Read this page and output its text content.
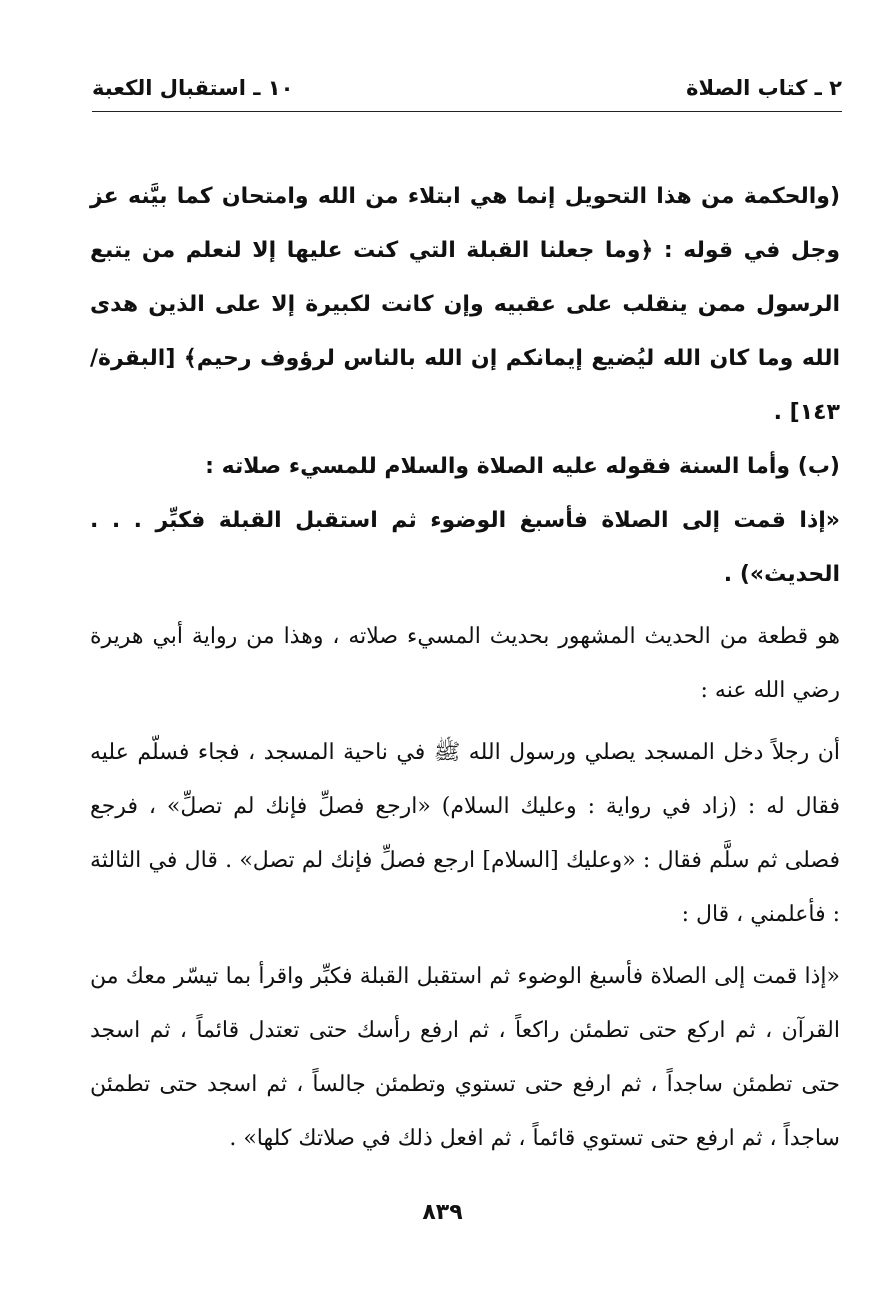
٢ ـ كتاب الصلاة
١٠ ـ استقبال الكعبة

(والحكمة من هذا التحويل إنما هي ابتلاء من الله وامتحان كما بيَّنه عز وجل في قوله : ﴿وما جعلنا القبلة التي كنت عليها إلا لنعلم من يتبع الرسول ممن ينقلب على عقبيه وإن كانت لكبيرة إلا على الذين هدى الله وما كان الله ليُضيع إيمانكم إن الله بالناس لرؤوف رحيم﴾ [البقرة/١٤٣] .

(ب) وأما السنة فقوله عليه الصلاة والسلام للمسيء صلاته :

«إذا قمت إلى الصلاة فأسبغ الوضوء ثم استقبل القبلة فكبِّر . . . الحديث») .

هو قطعة من الحديث المشهور بحديث المسيء صلاته ، وهذا من رواية أبي هريرة رضي الله عنه :

أن رجلاً دخل المسجد يصلي ورسول الله ﷺ في ناحية المسجد ، فجاء فسلّم عليه فقال له : (زاد في رواية : وعليك السلام) «ارجع فصلِّ فإنك لم تصلِّ» ، فرجع فصلى ثم سلَّم فقال : «وعليك [السلام] ارجع فصلِّ فإنك لم تصل» . قال في الثالثة : فأعلمني ، قال :

«إذا قمت إلى الصلاة فأسبغ الوضوء ثم استقبل القبلة فكبِّر واقرأ بما تيسّر معك من القرآن ، ثم اركع حتى تطمئن راكعاً ، ثم ارفع رأسك حتى تعتدل قائماً ، ثم اسجد حتى تطمئن ساجداً ، ثم ارفع حتى تستوي وتطمئن جالساً ، ثم اسجد حتى تطمئن ساجداً ، ثم ارفع حتى تستوي قائماً ، ثم افعل ذلك في صلاتك كلها» .

٨٣٩
